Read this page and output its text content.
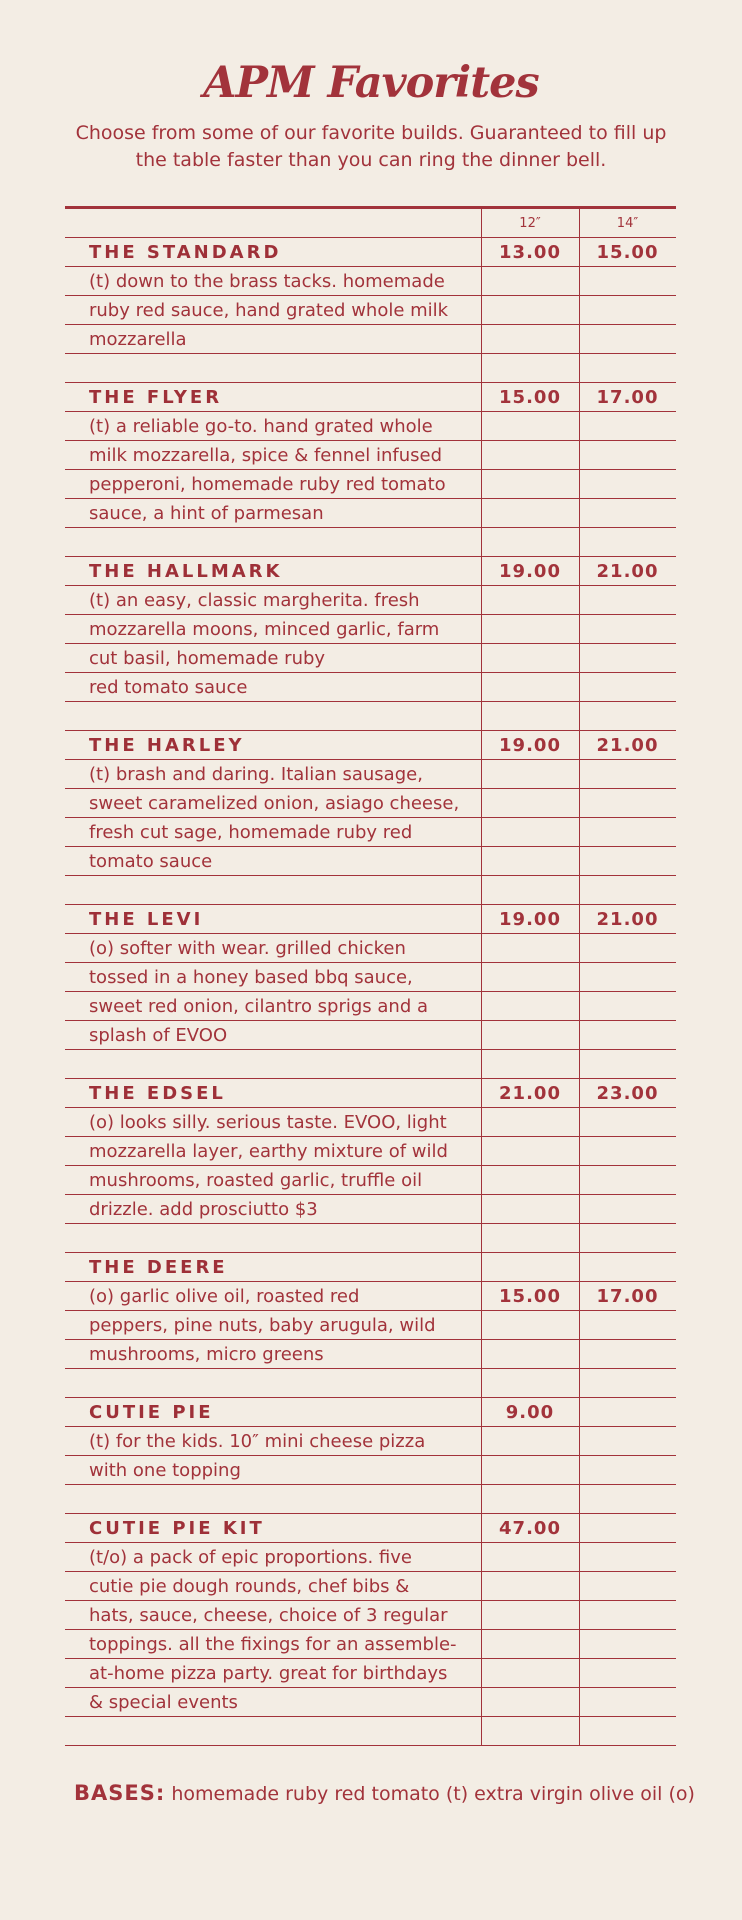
APM Favorites
Choose from some of our favorite builds. Guaranteed to fill up the table faster than you can ring the dinner bell.
12″	14″
THE STANDARD	13.00	15.00
(t) down to the brass tacks. homemade
ruby red sauce, hand grated whole milk
mozzarella
THE FLYER	15.00	17.00
(t) a reliable go-to. hand grated whole
milk mozzarella, spice & fennel infused
pepperoni, homemade ruby red tomato
sauce, a hint of parmesan
THE HALLMARK	19.00	21.00
(t) an easy, classic margherita. fresh
mozzarella moons, minced garlic, farm
cut basil, homemade ruby
red tomato sauce
THE HARLEY	19.00	21.00
(t) brash and daring. Italian sausage,
sweet caramelized onion, asiago cheese,
fresh cut sage, homemade ruby red
tomato sauce
THE LEVI	19.00	21.00
(o) softer with wear. grilled chicken
tossed in a honey based bbq sauce,
sweet red onion, cilantro sprigs and a
splash of EVOO
THE EDSEL	21.00	23.00
(o) looks silly. serious taste. EVOO, light
mozzarella layer, earthy mixture of wild
mushrooms, roasted garlic, truffle oil
drizzle. add prosciutto $3
THE DEERE
(o) garlic olive oil, roasted red	15.00	17.00
peppers, pine nuts, baby arugula, wild
mushrooms, micro greens
CUTIE PIE	9.00
(t) for the kids. 10″ mini cheese pizza
with one topping
CUTIE PIE KIT	47.00
(t/o) a pack of epic proportions. five
cutie pie dough rounds, chef bibs &
hats, sauce, cheese, choice of 3 regular
toppings. all the fixings for an assemble-
at-home pizza party. great for birthdays
& special events
BASES: homemade ruby red tomato (t) extra virgin olive oil (o)
